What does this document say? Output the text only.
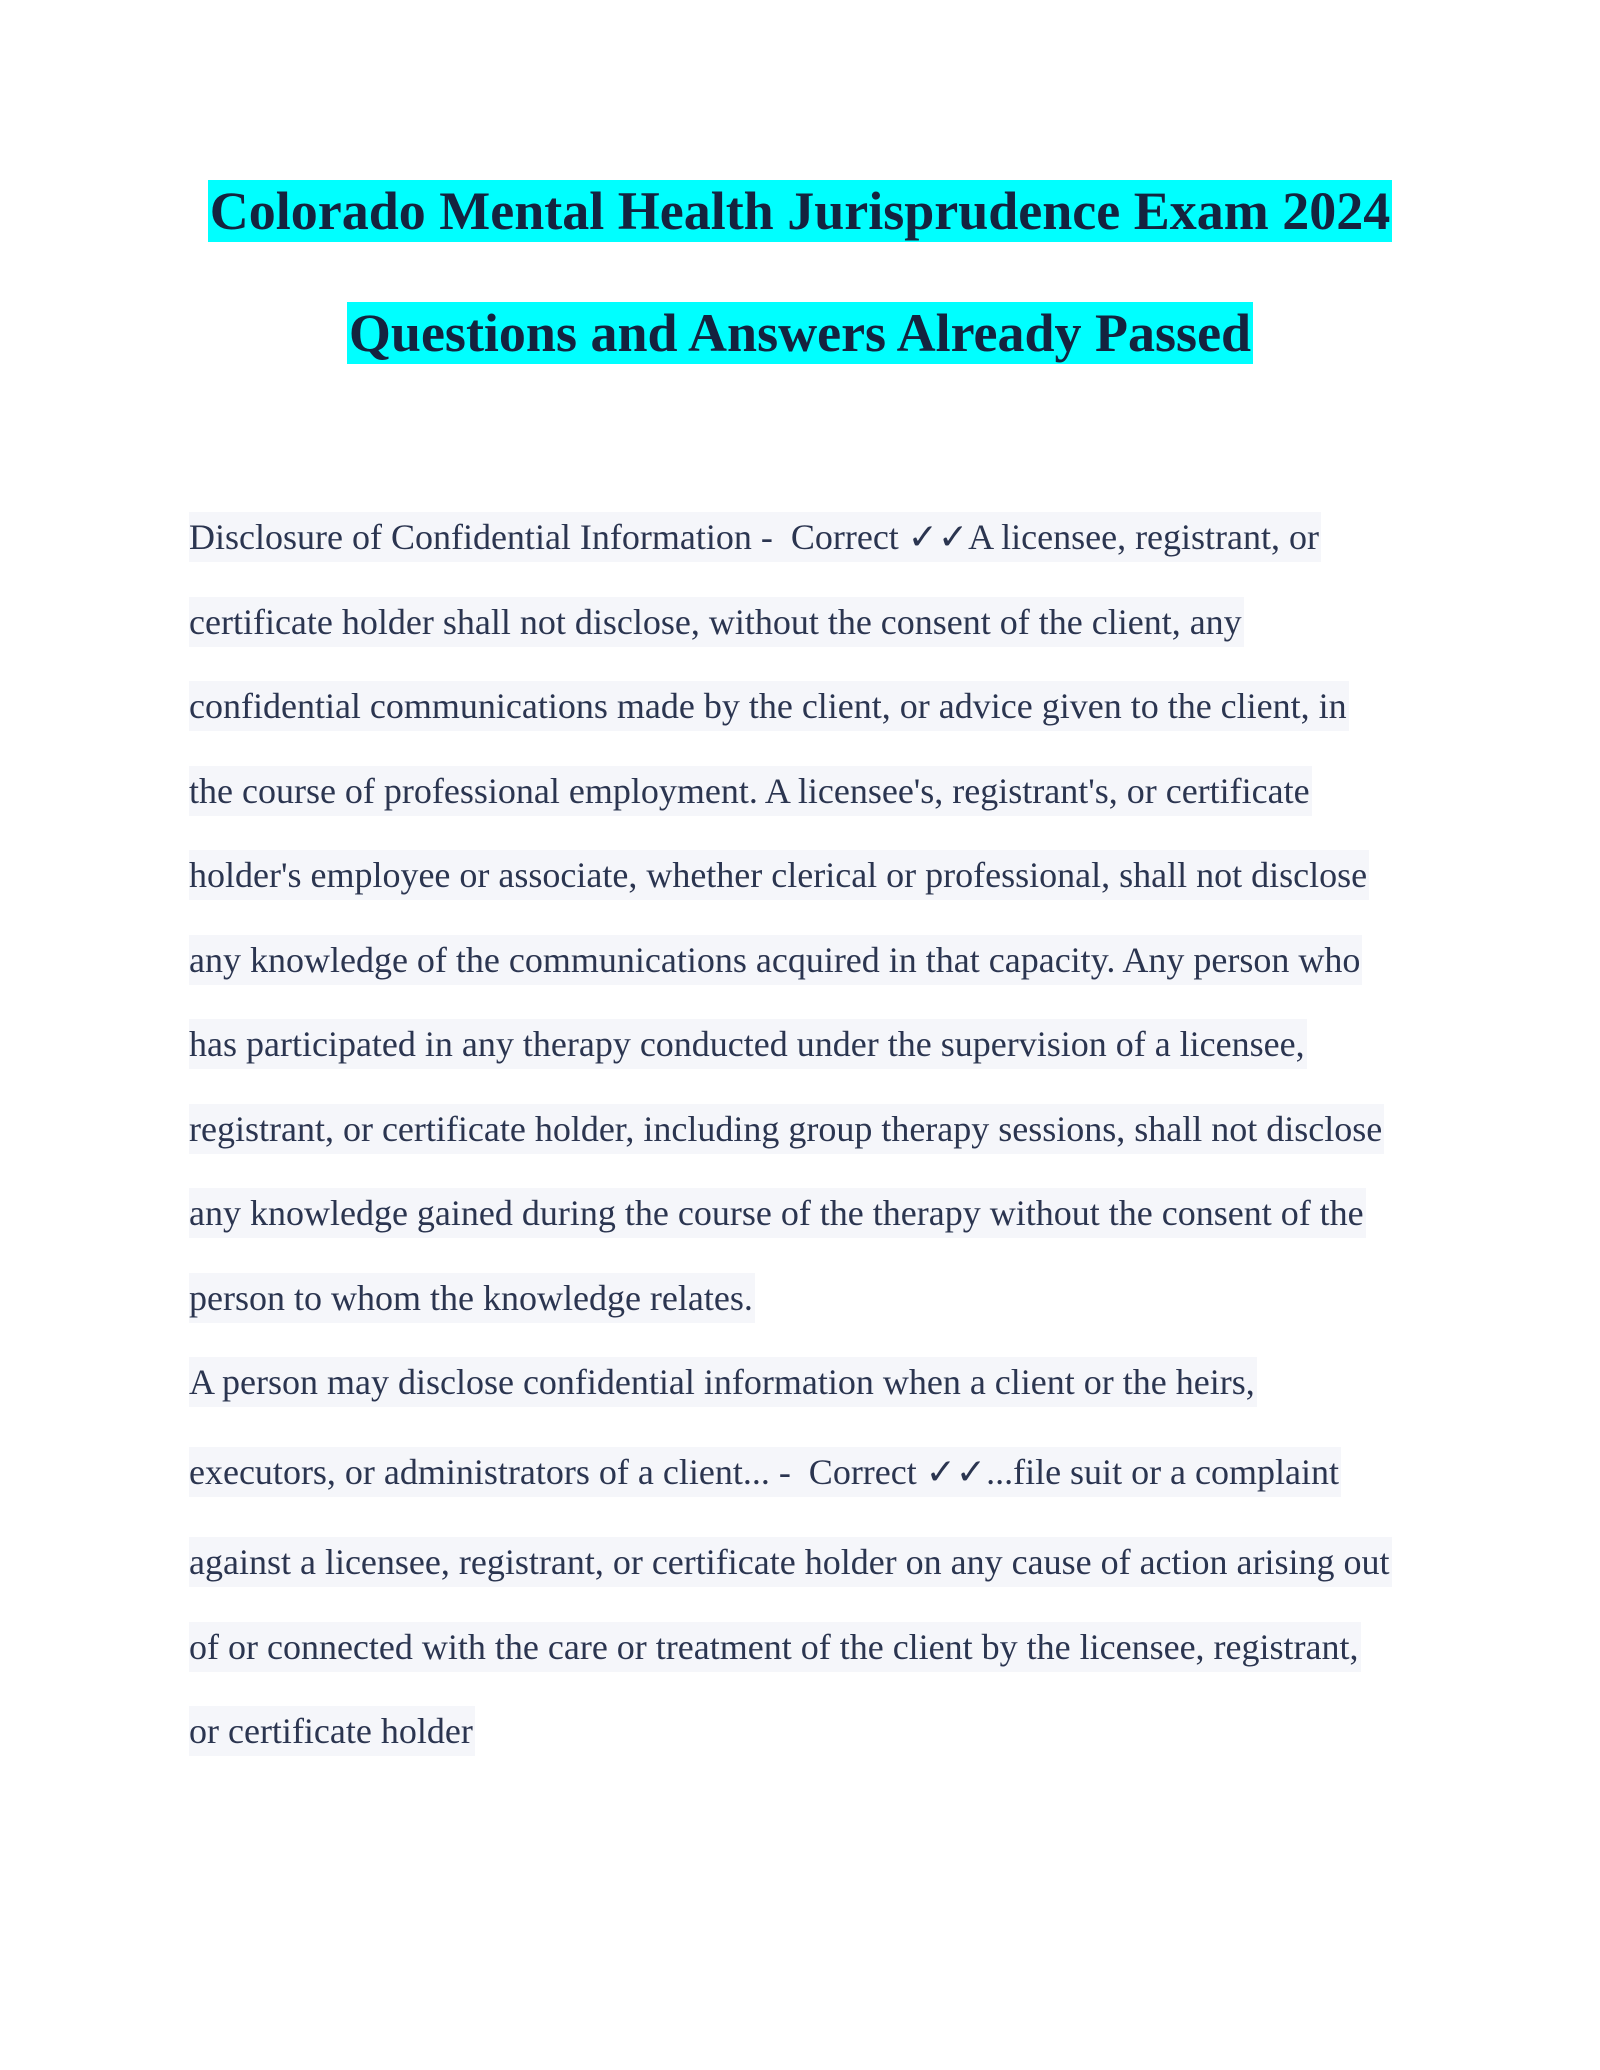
Colorado Mental Health Jurisprudence Exam 2024
Questions and Answers Already Passed
Disclosure of Confidential Information -  Correct ✓✓A licensee, registrant, or
certificate holder shall not disclose, without the consent of the client, any
confidential communications made by the client, or advice given to the client, in
the course of professional employment. A licensee's, registrant's, or certificate
holder's employee or associate, whether clerical or professional, shall not disclose
any knowledge of the communications acquired in that capacity. Any person who
has participated in any therapy conducted under the supervision of a licensee,
registrant, or certificate holder, including group therapy sessions, shall not disclose
any knowledge gained during the course of the therapy without the consent of the
person to whom the knowledge relates.
A person may disclose confidential information when a client or the heirs,
executors, or administrators of a client... -  Correct ✓✓...file suit or a complaint
against a licensee, registrant, or certificate holder on any cause of action arising out
of or connected with the care or treatment of the client by the licensee, registrant,
or certificate holder
